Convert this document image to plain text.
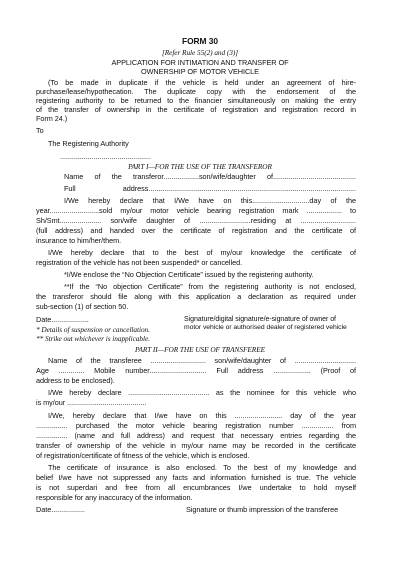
FORM 30
[Refer Rule 55(2) and (3)]
APPLICATION FOR INTIMATION AND TRANSFER OF
OWNERSHIP OF MOTOR VEHICLE
(To be made in duplicate if the vehicle is held under an agreement of hire-
purchase/lease/hypothecation. The duplicate copy with the endorsement of the
registering authority to be returned to the financier simultaneously on making the entry
of the transfer of ownership in the certificate of registration and registration record in
Form 24.)
To
The Registering Authority
..............................................
PART I—FOR THE USE OF THE TRANSFEROR
Name of the transferor..................son/wife/daughter of..........................................
Full address.........................................................................................................
I/We hereby declare that I/We have on this.............................day of the
year.........................sold my/our motor vehicle bearing registration mark .................. to
Sh/Smt..................... son/wife daughter of ..........................residing at ............................
(full address) and handed over the certificate of registration and the certificate of
insurance to him/her/them.
I/We hereby declare that to the best of my/our knowledge the certificate of
registration of the vehicle has not been suspended* or cancelled.
*I/We enclose the “No Objection Certificate” issued by the registering authority.
**If the “No objection Certificate” from the registering authority is not enclosed,
the transferor should file along with this application a declaration as required under
sub-section (1) of section 50.
Date...................	Signature/digital signature/e-signature of owner of
motor vehicle or authorised dealer of registered vehicle
* Details of suspension or cancellation.
** Strike out whichever is inapplicable.
PART II—FOR THE USE OF TRANSFEREE
Name of the transferee ............................ son/wife/daughter of ...............................
Age ............. Mobile number............................. Full address ................... (Proof of
address to be enclosed).
I/We hereby declare ......................................... as the nominee for this vehicle who
is my/our ........................................
I/We, hereby declare that I/we have on this ........................ day of the year
................ purchased the motor vehicle bearing registration number ................ from
................ (name and full address) and request that necessary entries regarding the
transfer of ownership of the vehicle in my/our name may be recorded in the certificate
of registration/certificate of fitness of the vehicle, which is enclosed.
The certificate of insurance is also enclosed. To the best of my knowledge and
belief I/we have not suppressed any facts and information furnished is true. The vehicle
is not superdari and free from all encumbrances I/we undertake to hold myself
responsible for any inaccuracy of the information.
Date.................	Signature or thumb impression of the transferee
